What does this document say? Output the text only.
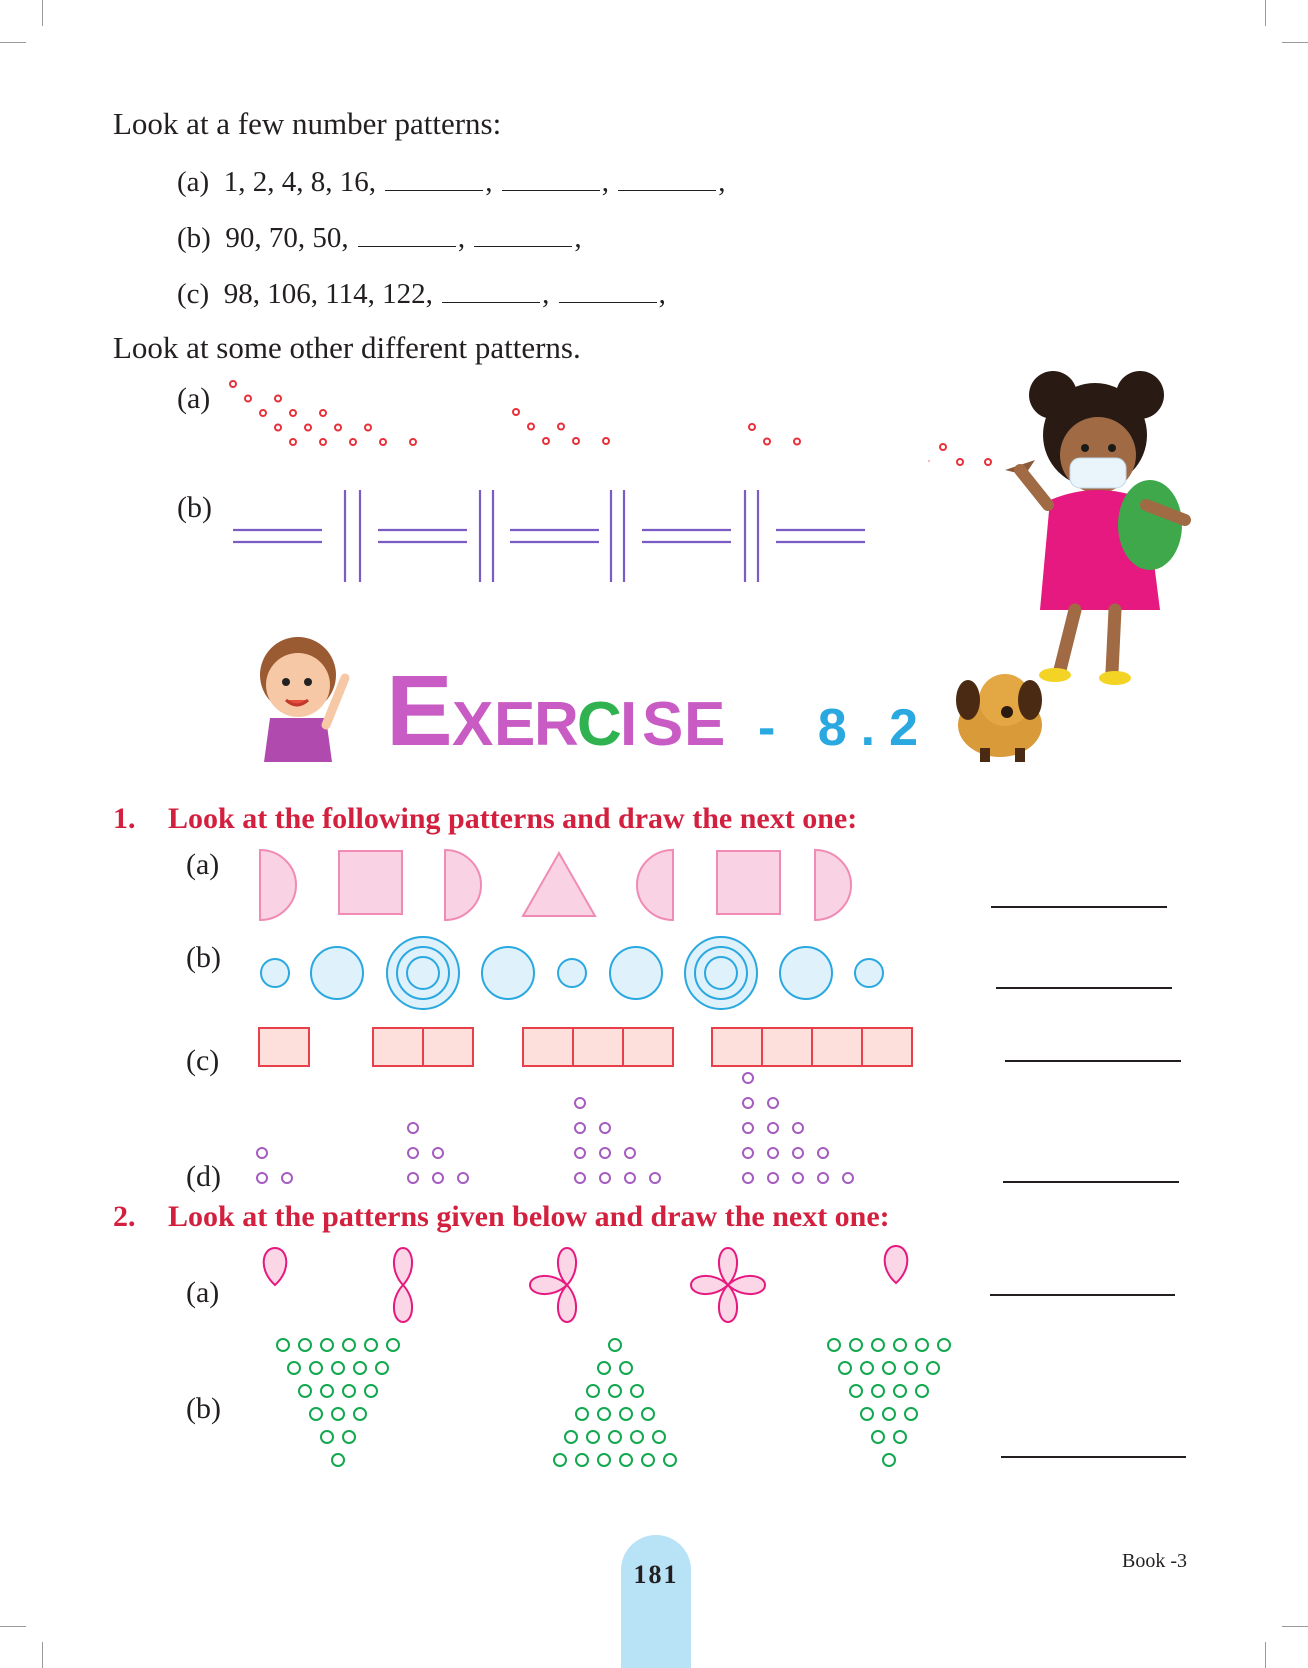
Look at a few number patterns:
(a) 1, 2, 4, 8, 16,	,	,	,
(b) 90, 70, 50,	,	,
(c) 98, 106, 114, 122,	,	,
Look at some other different patterns.
(a)
(b)
E X E
R
C
I S E - 8.2
1. Look at the following patterns and draw the next one:
(a)
(b)
(c)
(d)
2. Look at the patterns given below and draw the next one:
(a)
(b)
181	Book -3
